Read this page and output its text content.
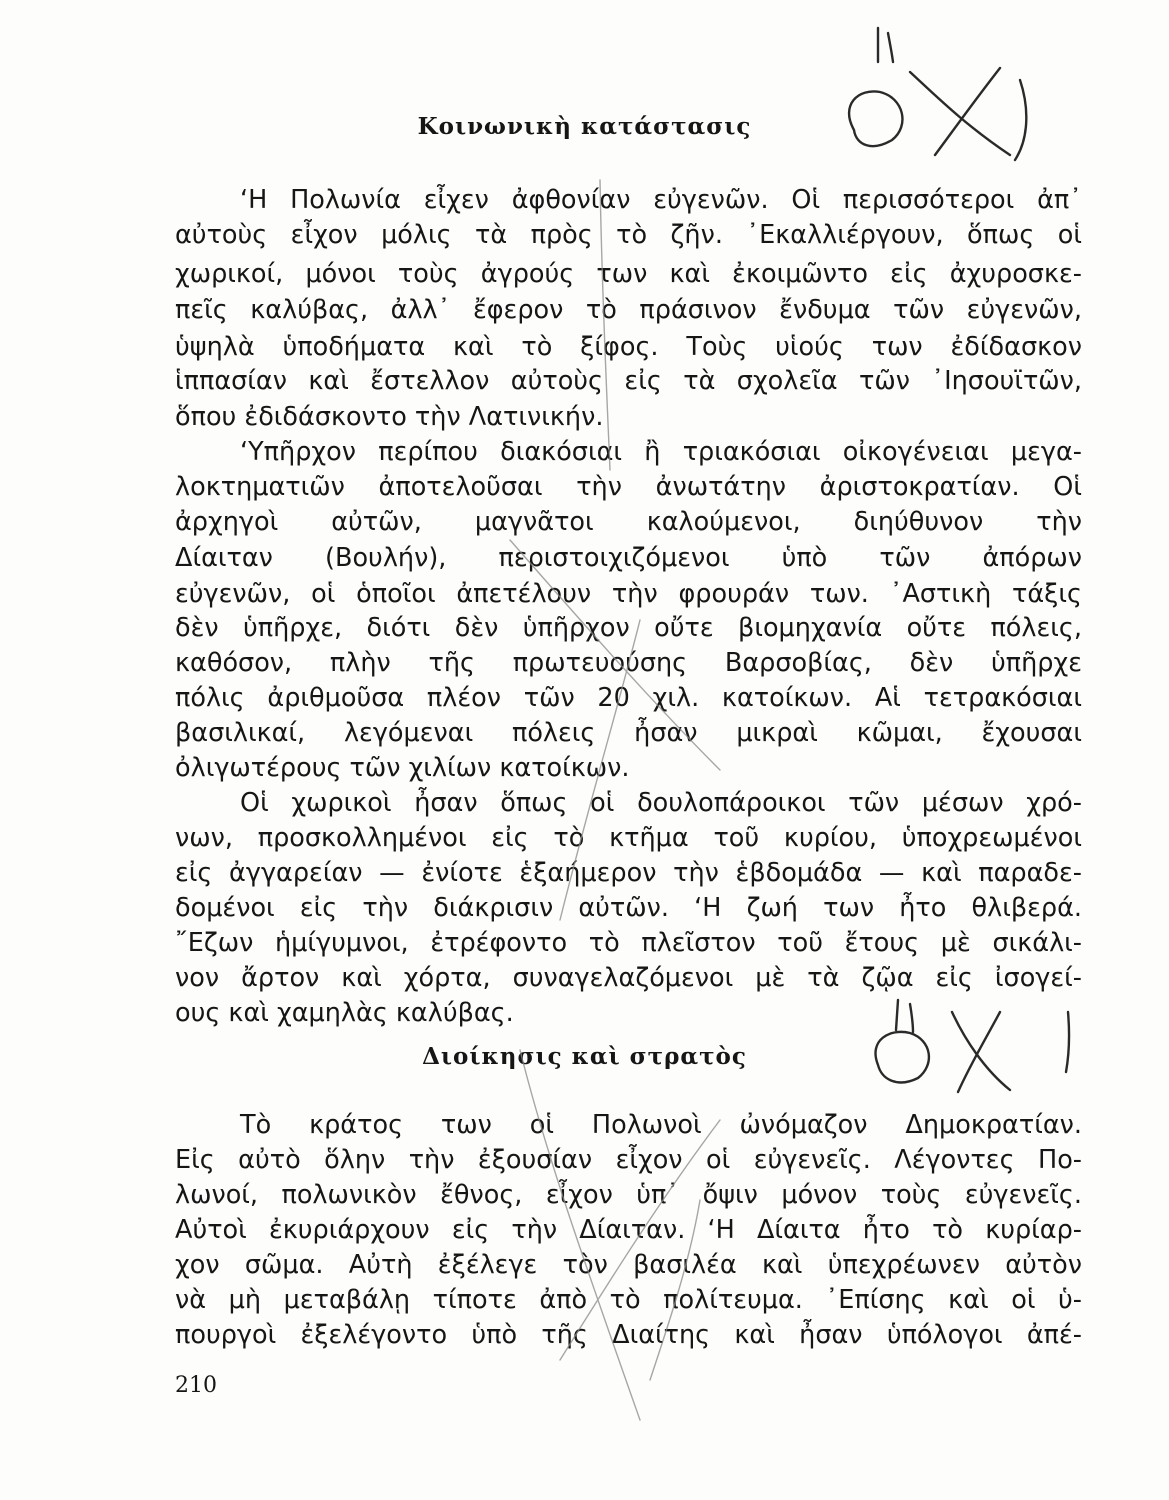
Κοινωνικὴ κατάστασις
‘Η Πολωνία εἶχεν ἀφθονίαν εὐγενῶν. Οἱ περισσότεροι ἀπ᾿
αὐτοὺς εἶχον μόλις τὰ πρὸς τὸ ζῆν. ᾿Εκαλλιέργουν, ὅπως οἱ
χωρικοί, μόνοι τοὺς ἀγρούς των καὶ ἐκοιμῶντο εἰς ἀχυροσκε-
πεῖς καλύβας, ἀλλ᾿ ἔφερον τὸ πράσινον ἔνδυμα τῶν εὐγενῶν,
ὑψηλὰ ὑποδήματα καὶ τὸ ξίφος. Τοὺς υἱούς των ἐδίδασκον
ἱππασίαν καὶ ἔστελλον αὐτοὺς εἰς τὰ σχολεῖα τῶν ᾿Ιησουϊτῶν,
ὅπου ἐδιδάσκοντο τὴν Λατινικήν.
‘Υπῆρχον περίπου διακόσιαι ἢ τριακόσιαι οἰκογένειαι μεγα-
λοκτηματιῶν ἀποτελοῦσαι τὴν ἀνωτάτην ἀριστοκρατίαν. Οἱ
ἀρχηγοὶ αὐτῶν, μαγνᾶτοι καλούμενοι, διηύθυνον τὴν
Δίαιταν (Βουλήν), περιστοιχιζόμενοι ὑπὸ τῶν ἀπόρων
εὐγενῶν, οἱ ὁποῖοι ἀπετέλουν τὴν φρουράν των. ᾿Αστικὴ τάξις
δὲν ὑπῆρχε, διότι δὲν ὑπῆρχον οὔτε βιομηχανία οὔτε πόλεις,
καθόσον, πλὴν τῆς πρωτευούσης Βαρσοβίας, δὲν ὑπῆρχε
πόλις ἀριθμοῦσα πλέον τῶν 20 χιλ. κατοίκων. Αἱ τετρακόσιαι
βασιλικαί, λεγόμεναι πόλεις ἦσαν μικραὶ κῶμαι, ἔχουσαι
ὀλιγωτέρους τῶν χιλίων κατοίκων.
Οἱ χωρικοὶ ἦσαν ὅπως οἱ δουλοπάροικοι τῶν μέσων χρό-
νων, προσκολλημένοι εἰς τὸ κτῆμα τοῦ κυρίου, ὑποχρεωμένοι
εἰς ἀγγαρείαν — ἐνίοτε ἑξαήμερον τὴν ἑβδομάδα — καὶ παραδε-
δομένοι εἰς τὴν διάκρισιν αὐτῶν. ‘Η ζωή των ἦτο θλιβερά.
῎Εζων ἡμίγυμνοι, ἐτρέφοντο τὸ πλεῖστον τοῦ ἔτους μὲ σικάλι-
νον ἄρτον καὶ χόρτα, συναγελαζόμενοι μὲ τὰ ζῷα εἰς ἰσογεί-
ους καὶ χαμηλὰς καλύβας.
Διοίκησις καὶ στρατὸς
Τὸ κράτος των οἱ Πολωνοὶ ὠνόμαζον Δημοκρατίαν.
Εἰς αὐτὸ ὅλην τὴν ἐξουσίαν εἶχον οἱ εὐγενεῖς. Λέγοντες Πο-
λωνοί, πολωνικὸν ἔθνος, εἶχον ὑπ᾿ ὄψιν μόνον τοὺς εὐγενεῖς.
Αὐτοὶ ἐκυριάρχουν εἰς τὴν Δίαιταν. ‘Η Δίαιτα ἦτο τὸ κυρίαρ-
χον σῶμα. Αὐτὴ ἐξέλεγε τὸν βασιλέα καὶ ὑπεχρέωνεν αὐτὸν
νὰ μὴ μεταβάλῃ τίποτε ἀπὸ τὸ πολίτευμα. ᾿Επίσης καὶ οἱ ὑ-
πουργοὶ ἐξελέγοντο ὑπὸ τῆς Διαίτης καὶ ἦσαν ὑπόλογοι ἀπέ-
210
